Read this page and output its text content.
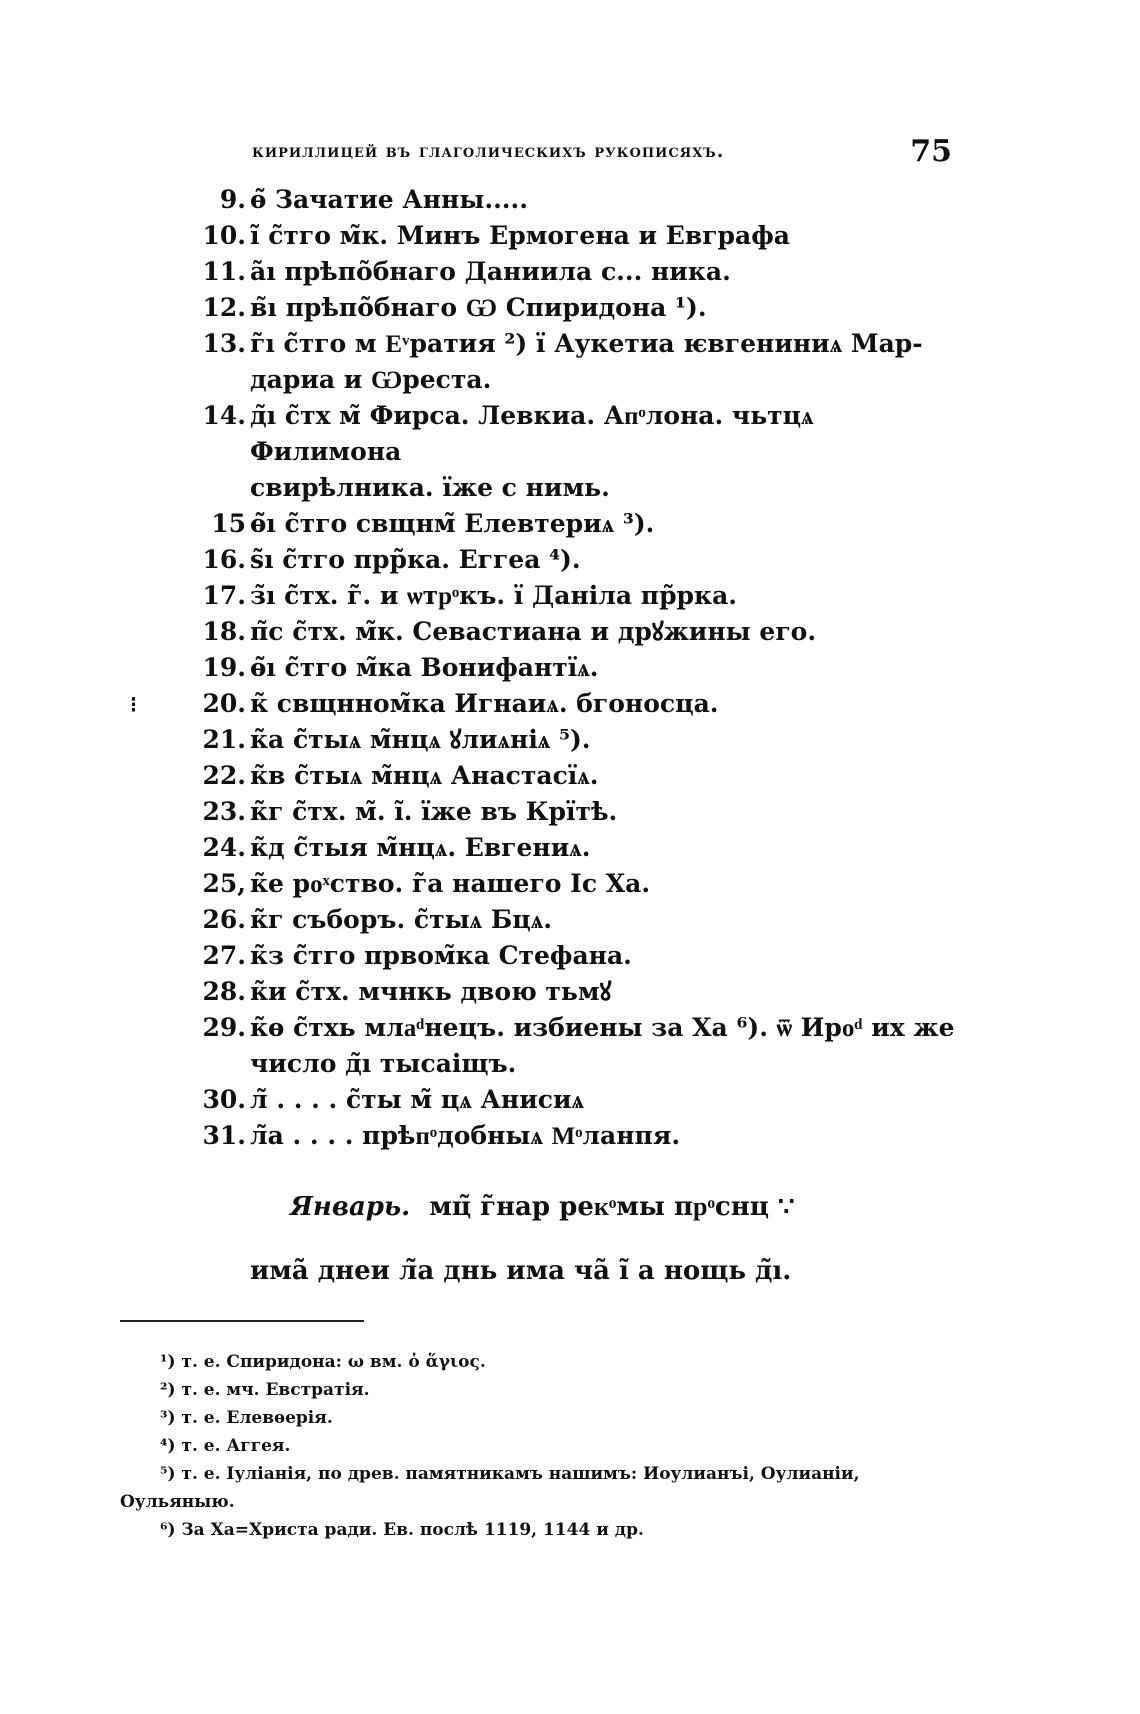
кириллицей въ глаголическихъ рукописяхъ.	75
⁝
9. ѳ̃ Зачатие Анны.....
10. ı̃ с̃тго м̃к. Минъ Ермогена и Евграфа
11. а̃ı прѣпо̃бнаго Даниила с... ника.
12. в̃ı прѣпо̃бнаго Ѡ Спиридона ¹).
13. г̃ı с̃тго м Еͮратия ²) ї Аукетиа ѥвгениниѧ Мар-
дариа и Ѡреста.
14. д̃ı с̃тх м̃ Фирса. Левкиа. Апͦлона. чьтцѧ Филимона
свирѣлника. їже с нимь.
15 ѳ̃ı с̃тго свщнм̃ Елевтериѧ ³).
16. ѕ̃ı с̃тго прр̃ка. Еггеа ⁴).
17. з̃ı с̃тх. г̃. и ѡтрͦкъ. ї Даніла пр̃рка.
18. п̃с с̃тх. м̃к. Севастиана и дрꙋжины его.
19. ѳ̃ı с̃тго м̃ка Вонифантїѧ.
20. к̃ свщнном̃ка Игнаиѧ. бгоносца.
21. к̃а с̃тыѧ м̃нцѧ ꙋлиѧніѧ ⁵).
22. к̃в с̃тыѧ м̃нцѧ Анастасїѧ.
23. к̃г с̃тх. м̃. ı̃. їже въ Крїтѣ.
24. к̃д с̃тыя м̃нцѧ. Евгениѧ.
25, к̃е роͯство. г̃а нашего Іс Ха.
26. к̃г съборъ. с̃тыѧ Бцѧ.
27. к̃з с̃тго првом̃ка Стефана.
28. к̃и с̃тх. мчнкь двою тьмꙋ
29. к̃ѳ с̃тхь млаͩнецъ. избиены за Ха ⁶). ѿ Ироͩ их же
число д̃ı тысаіщъ.
30. л̃ . . . . с̃ты м̃ цѧ Анисиѧ
31. л̃а . . . . прѣпͦдобныѧ Мͦланпя.
Январь. мц̃ г̃нар рекͦмы прͦснц ∵
има̃ днеи л̃а днь има ча̃ ı̃ а нощь д̃ı.
¹) т. е. Спиридона: ω вм. ὁ ἅγιος.
²) т. е. мч. Евстратія.
³) т. е. Елевѳерія.
⁴) т. е. Аггея.
⁵) т. е. Іуліанія, по древ. памятникамъ нашимъ: Иоулианъі, Оулианіи,
Оульяныю.
⁶) За Ха=Христа ради. Ев. послѣ 1119, 1144 и др.
